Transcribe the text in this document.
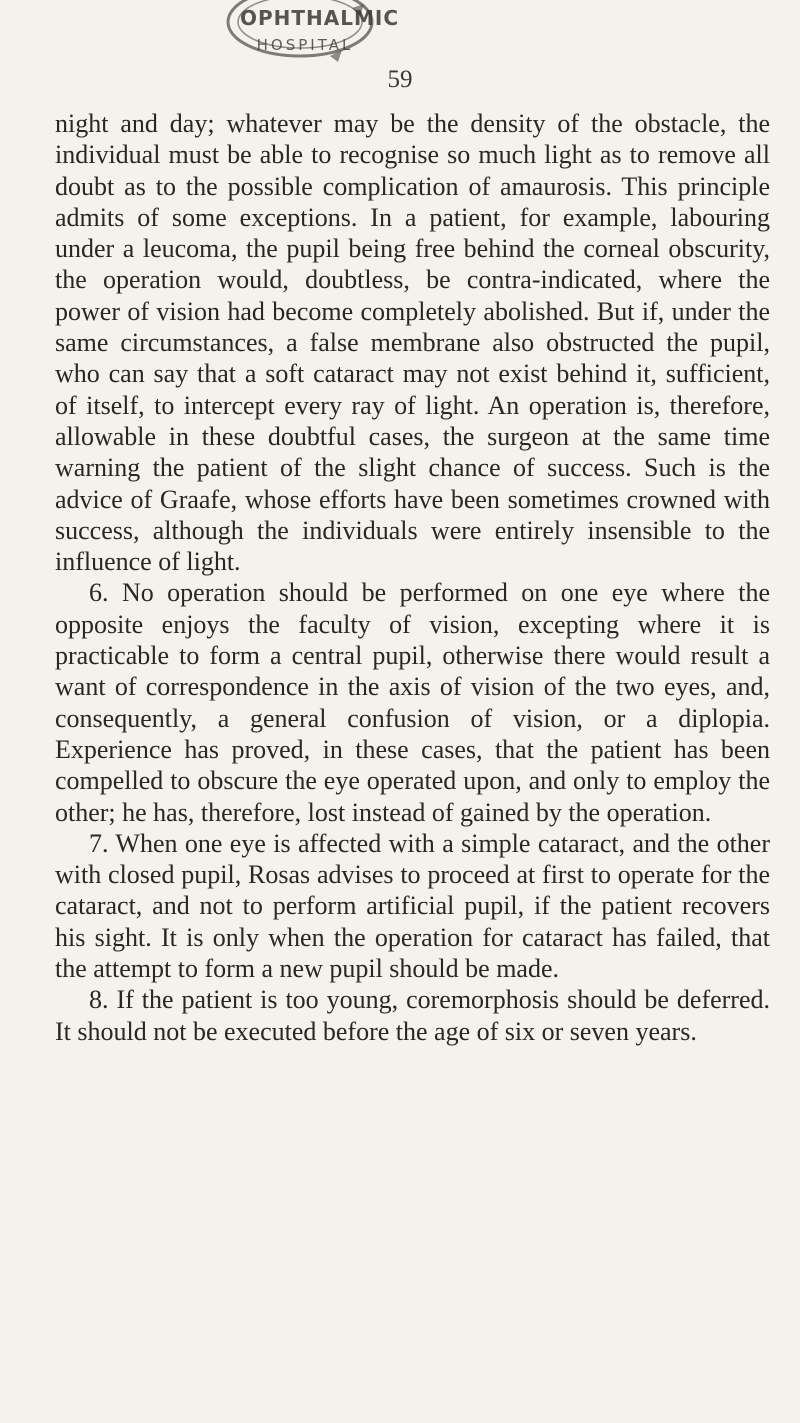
OPHTHALMIC
HOSPITAL
59

night and day; whatever may be the density of the obstacle, the individual must be able to recognise so much light as to remove all doubt as to the possible complication of amaurosis. This principle admits of some exceptions. In a patient, for example, labouring under a leucoma, the pupil being free behind the corneal obscurity, the operation would, doubtless, be contra-indicated, where the power of vision had become completely abolished. But if, under the same circumstances, a false membrane also obstructed the pupil, who can say that a soft cataract may not exist behind it, sufficient, of itself, to intercept every ray of light. An operation is, therefore, allowable in these doubtful cases, the surgeon at the same time warning the patient of the slight chance of success. Such is the advice of Graafe, whose efforts have been sometimes crowned with success, although the individuals were entirely insensible to the influence of light.

6. No operation should be performed on one eye where the opposite enjoys the faculty of vision, excepting where it is practicable to form a central pupil, otherwise there would result a want of correspondence in the axis of vision of the two eyes, and, consequently, a general confusion of vision, or a diplopia. Experience has proved, in these cases, that the patient has been compelled to obscure the eye operated upon, and only to employ the other; he has, therefore, lost instead of gained by the operation.

7. When one eye is affected with a simple cataract, and the other with closed pupil, Rosas advises to proceed at first to operate for the cataract, and not to perform artificial pupil, if the patient recovers his sight. It is only when the operation for cataract has failed, that the attempt to form a new pupil should be made.

8. If the patient is too young, coremorphosis should be deferred. It should not be executed before the age of six or seven years.
